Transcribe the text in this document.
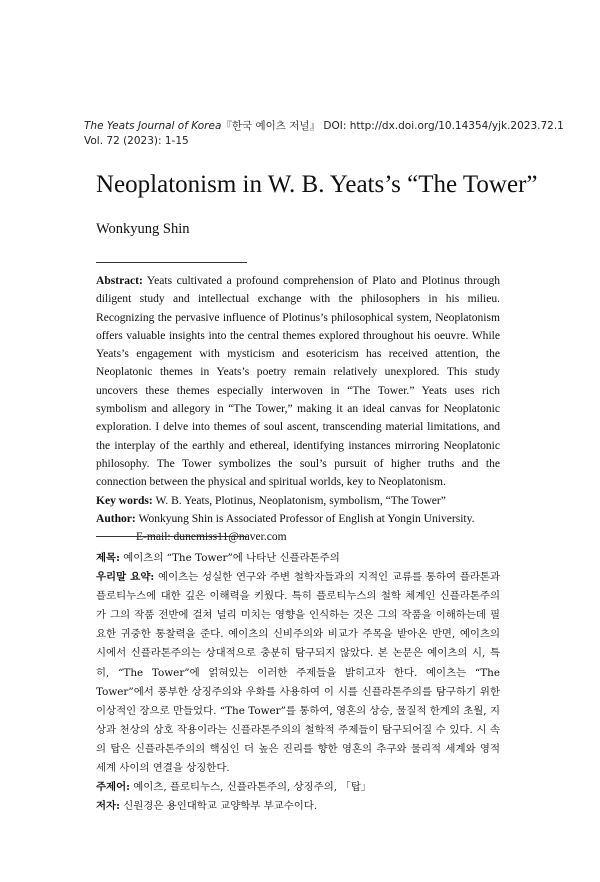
The Yeats Journal of Korea『한국 예이츠 저널』 DOI: http://dx.doi.org/10.14354/yjk.2023.72.1
Vol. 72 (2023): 1-15
Neoplatonism in W. B. Yeats’s “The Tower”
Wonkyung Shin

Abstract: Yeats cultivated a profound comprehension of Plato and Plotinus through diligent study and intellectual exchange with the philosophers in his milieu. Recognizing the pervasive influence of Plotinus’s philosophical system, Neoplatonism offers valuable insights into the central themes explored throughout his oeuvre. While Yeats’s engagement with mysticism and esotericism has received attention, the Neoplatonic themes in Yeats’s poetry remain relatively unexplored. This study uncovers these themes especially interwoven in “The Tower.” Yeats uses rich symbolism and allegory in “The Tower,” making it an ideal canvas for Neoplatonic exploration. I delve into themes of soul ascent, transcending material limitations, and the interplay of the earthly and ethereal, identifying instances mirroring Neoplatonic philosophy. The Tower symbolizes the soul’s pursuit of higher truths and the connection between the physical and spiritual worlds, key to Neoplatonism.

Key words: W. B. Yeats, Plotinus, Neoplatonism, symbolism, “The Tower”

Author: Wonkyung Shin is Associated Professor of English at Yongin University.

E-mail: dunemiss11@naver.com

제목: 예이츠의 “The Tower”에 나타난 신플라톤주의

우리말 요약: 예이츠는 성실한 연구와 주변 철학자들과의 지적인 교류를 통하여 플라톤과 플로티누스에 대한 깊은 이해력을 키웠다. 특히 플로티누스의 철학 체계인 신플라톤주의가 그의 작품 전반에 걸쳐 널리 미치는 영향을 인식하는 것은 그의 작품을 이해하는데 필요한 귀중한 통찰력을 준다. 예이츠의 신비주의와 비교가 주목을 받아온 반면, 예이츠의 시에서 신플라톤주의는 상대적으로 충분히 탐구되지 않았다. 본 논문은 예이츠의 시, 특히, “The Tower”에 얽혀있는 이러한 주제들을 밝히고자 한다. 예이츠는 “The Tower”에서 풍부한 상징주의와 우화를 사용하여 이 시를 신플라톤주의를 탐구하기 위한 이상적인 장으로 만들었다. “The Tower”를 통하여, 영혼의 상승, 물질적 한계의 초월, 지상과 천상의 상호 작용이라는 신플라톤주의의 철학적 주제들이 탐구되어질 수 있다. 시 속의 탑은 신플라톤주의의 핵심인 더 높은 진리를 향한 영혼의 추구와 물리적 세계와 영적 세계 사이의 연결을 상징한다.

주제어: 예이츠, 플로티누스, 신플라톤주의, 상징주의, 「탑」

저자: 신원경은 용인대학교 교양학부 부교수이다.
